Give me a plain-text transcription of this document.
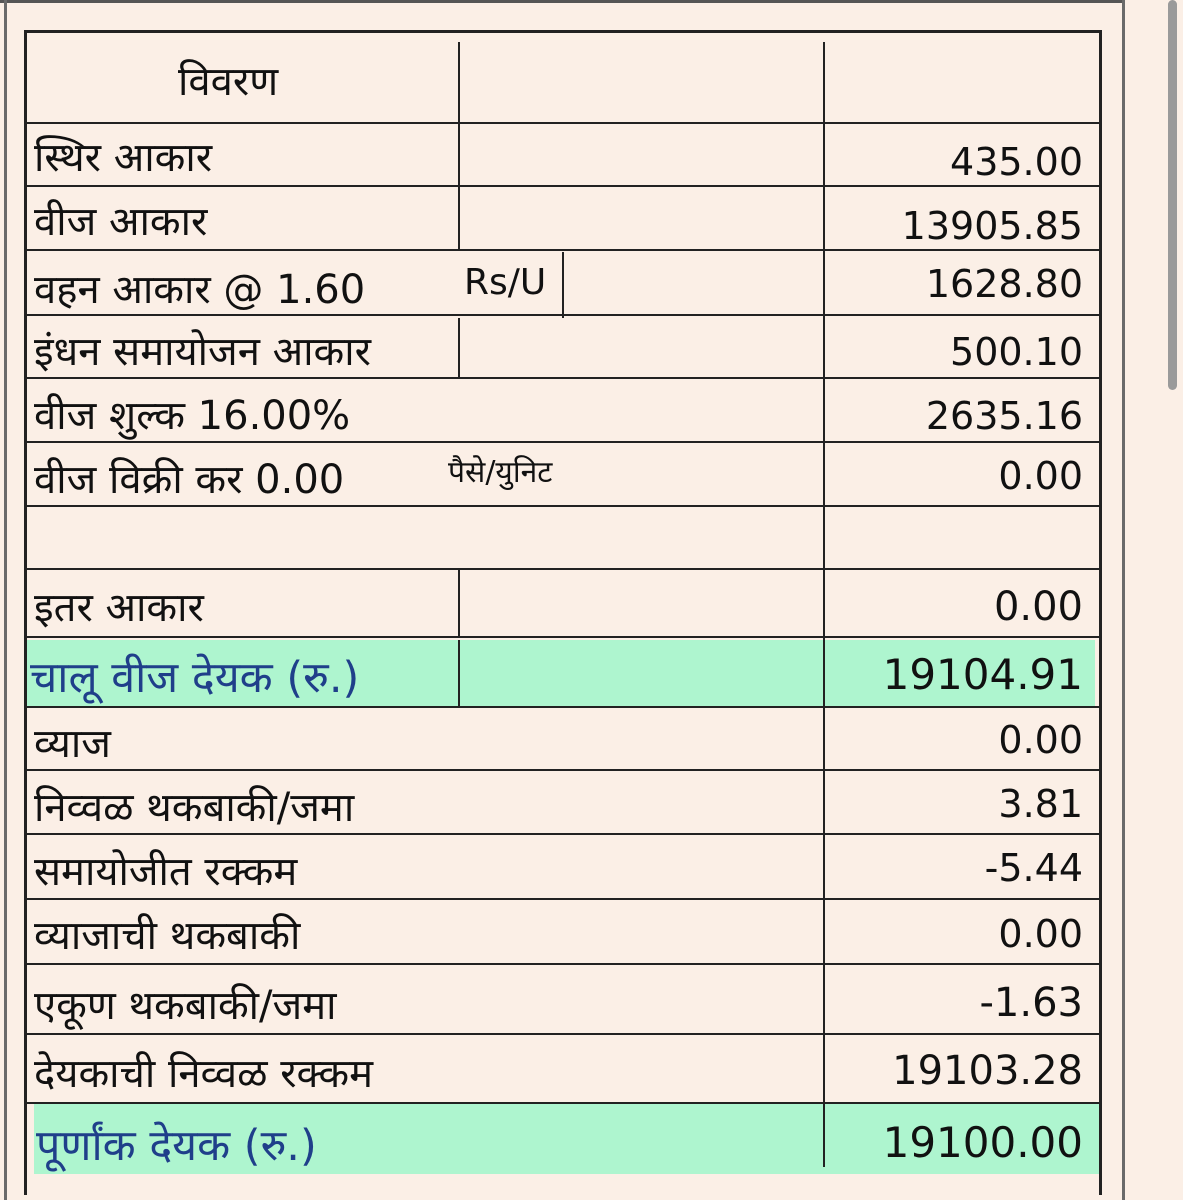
विवरण
स्थिर आकार	435.00
वीज आकार	13905.85
वहन आकार @ 1.60	Rs/U	1628.80
इंधन समायोजन आकार	500.10
वीज शुल्क 16.00%	2635.16
वीज विक्री कर 0.00	पैसे/युनिट	0.00
इतर आकार	0.00
चालू वीज देयक (रु.)	19104.91
व्याज	0.00
निव्वळ थकबाकी/जमा	3.81
समायोजीत रक्कम	-5.44
व्याजाची थकबाकी	0.00
एकूण थकबाकी/जमा	-1.63
देयकाची निव्वळ रक्कम	19103.28
पूर्णांक देयक (रु.)	19100.00
